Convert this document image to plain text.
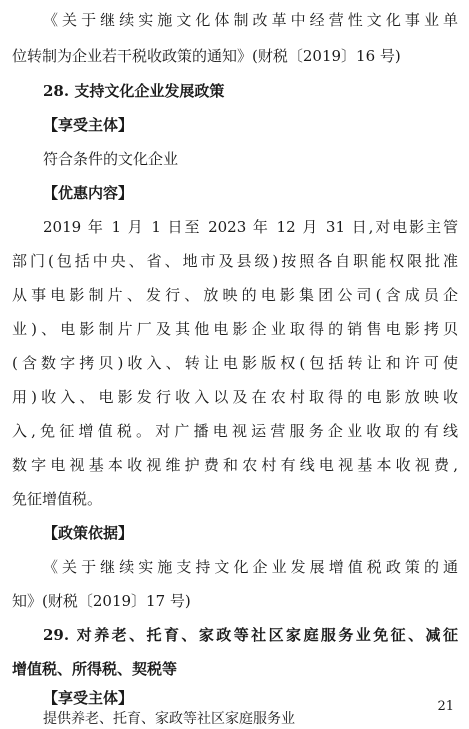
《关于继续实施文化体制改革中经营性文化事业单
位转制为企业若干税收政策的通知》(财税〔2019〕16 号)
28. 支持文化企业发展政策
【享受主体】
符合条件的文化企业
【优惠内容】
2019 年 1 月 1 日至 2023 年 12 月 31 日,对电影主管
部门(包括中央、省、地市及县级)按照各自职能权限批准
从事电影制片、发行、放映的电影集团公司(含成员企
业)、电影制片厂及其他电影企业取得的销售电影拷贝
(含数字拷贝)收入、转让电影版权(包括转让和许可使
用)收入、电影发行收入以及在农村取得的电影放映收
入,免征增值税。对广播电视运营服务企业收取的有线
数字电视基本收视维护费和农村有线电视基本收视费,
免征增值税。
【政策依据】
《关于继续实施支持文化企业发展增值税政策的通
知》(财税〔2019〕17 号)
29. 对养老、托育、家政等社区家庭服务业免征、减征
增值税、所得税、契税等
【享受主体】	21
提供养老、托育、家政等社区家庭服务业
